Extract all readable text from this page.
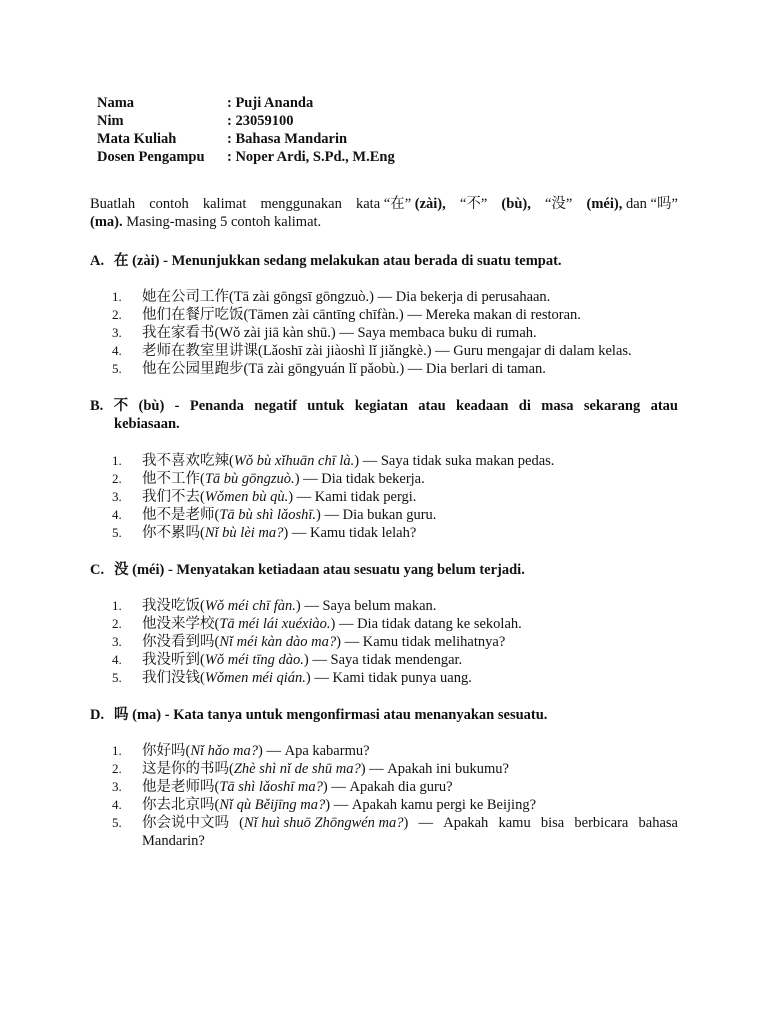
Nama	: Puji Ananda
Nim	: 23059100
Mata Kuliah	: Bahasa Mandarin
Dosen Pengampu	: Noper Ardi, S.Pd., M.Eng
Buatlah contoh kalimat menggunakan kata “在” (zài), “不” (bù), “没” (méi), dan “吗”
(ma). Masing-masing 5 contoh kalimat.
A. 在 (zài) - Menunjukkan sedang melakukan atau berada di suatu tempat.
1.	她在公司工作(Tā zài gōngsī gōngzuò.) — Dia bekerja di perusahaan.
2.	他们在餐厅吃饭(Tāmen zài cāntīng chīfàn.) — Mereka makan di restoran.
3.	我在家看书(Wǒ zài jiā kàn shū.) — Saya membaca buku di rumah.
4.	老师在教室里讲课(Lǎoshī zài jiàoshì lǐ jiǎngkè.) — Guru mengajar di dalam kelas.
5.	他在公园里跑步(Tā zài gōngyuán lǐ pǎobù.) — Dia berlari di taman.
B. 不 (bù) - Penanda negatif untuk kegiatan atau keadaan di masa sekarang atau
kebiasaan.
1.	我不喜欢吃辣(Wǒ bù xǐhuān chī là.) — Saya tidak suka makan pedas.
2.	他不工作(Tā bù gōngzuò.) — Dia tidak bekerja.
3.	我们不去(Wǒmen bù qù.) — Kami tidak pergi.
4.	他不是老师(Tā bù shì lǎoshī.) — Dia bukan guru.
5.	你不累吗(Nǐ bù lèi ma?) — Kamu tidak lelah?
C. 没 (méi) - Menyatakan ketiadaan atau sesuatu yang belum terjadi.
1.	我没吃饭(Wǒ méi chī fàn.) — Saya belum makan.
2.	他没来学校(Tā méi lái xuéxiào.) — Dia tidak datang ke sekolah.
3.	你没看到吗(Nǐ méi kàn dào ma?) — Kamu tidak melihatnya?
4.	我没听到(Wǒ méi tīng dào.) — Saya tidak mendengar.
5.	我们没钱(Wǒmen méi qián.) — Kami tidak punya uang.
D. 吗 (ma) - Kata tanya untuk mengonfirmasi atau menanyakan sesuatu.
1.	你好吗(Nǐ hǎo ma?) — Apa kabarmu?
2.	这是你的书吗(Zhè shì nǐ de shū ma?) — Apakah ini bukumu?
3.	他是老师吗(Tā shì lǎoshī ma?) — Apakah dia guru?
4.	你去北京吗(Nǐ qù Běijīng ma?) — Apakah kamu pergi ke Beijing?
5.	你会说中文吗 (Nǐ huì shuō Zhōngwén ma?) — Apakah kamu bisa berbicara bahasa
Mandarin?
